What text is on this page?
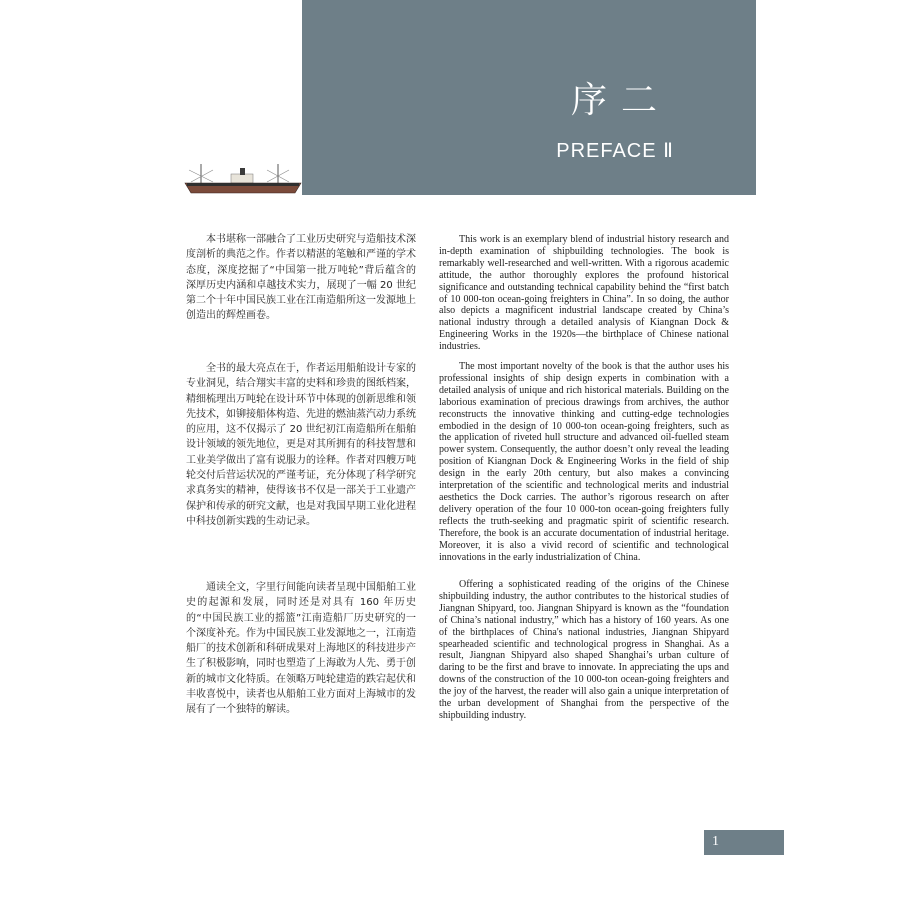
序二
PREFACE Ⅱ

本书堪称一部融合了工业历史研究与造船技术深度剖析的典范之作。作者以精湛的笔触和严谨的学术态度，深度挖掘了“中国第一批万吨轮”背后蕴含的深厚历史内涵和卓越技术实力，展现了一幅 20 世纪第二个十年中国民族工业在江南造船所这一发源地上创造出的辉煌画卷。

全书的最大亮点在于，作者运用船舶设计专家的专业洞见，结合翔实丰富的史料和珍贵的图纸档案，精细梳理出万吨轮在设计环节中体现的创新思维和领先技术，如铆接船体构造、先进的燃油蒸汽动力系统的应用，这不仅揭示了 20 世纪初江南造船所在船舶设计领域的领先地位，更是对其所拥有的科技智慧和工业美学做出了富有说服力的诠释。作者对四艘万吨轮交付后营运状况的严谨考证，充分体现了科学研究求真务实的精神，使得该书不仅是一部关于工业遗产保护和传承的研究文献，也是对我国早期工业化进程中科技创新实践的生动记录。

通读全文，字里行间能向读者呈现中国船舶工业史的起源和发展，同时还是对具有 160 年历史的“中国民族工业的摇篮”江南造船厂历史研究的一个深度补充。作为中国民族工业发源地之一，江南造船厂的技术创新和科研成果对上海地区的科技进步产生了积极影响，同时也塑造了上海敢为人先、勇于创新的城市文化特质。在领略万吨轮建造的跌宕起伏和丰收喜悦中，读者也从船舶工业方面对上海城市的发展有了一个独特的解读。

This work is an exemplary blend of industrial history research and in-depth examination of shipbuilding technologies. The book is remarkably well-researched and well-written. With a rigorous academic attitude, the author thoroughly explores the profound historical significance and outstanding technical capability behind the “first batch of 10 000-ton ocean-going freighters in China”. In so doing, the author also depicts a magnificent industrial landscape created by China’s national industry through a detailed analysis of Kiangnan Dock & Engineering Works in the 1920s—the birthplace of Chinese national industries.

The most important novelty of the book is that the author uses his professional insights of ship design experts in combination with a detailed analysis of unique and rich historical materials. Building on the laborious examination of precious drawings from archives, the author reconstructs the innovative thinking and cutting-edge technologies embodied in the design of 10 000-ton ocean-going freighters, such as the application of riveted hull structure and advanced oil-fuelled steam power system. Consequently, the author doesn’t only reveal the leading position of Kiangnan Dock & Engineering Works in the field of ship design in the early 20th century, but also makes a convincing interpretation of the scientific and technological merits and industrial aesthetics the Dock carries. The author’s rigorous research on after delivery operation of the four 10 000-ton ocean-going freighters fully reflects the truth-seeking and pragmatic spirit of scientific research. Therefore, the book is an accurate documentation of industrial heritage. Moreover, it is also a vivid record of scientific and technological innovations in the early industrialization of China.

Offering a sophisticated reading of the origins of the Chinese shipbuilding industry, the author contributes to the historical studies of Jiangnan Shipyard, too. Jiangnan Shipyard is known as the “foundation of China’s national industry,” which has a history of 160 years. As one of the birthplaces of China's national industries, Jiangnan Shipyard spearheaded scientific and technological progress in Shanghai. As a result, Jiangnan Shipyard also shaped Shanghai’s urban culture of daring to be the first and brave to innovate. In appreciating the ups and downs of the construction of the 10 000-ton ocean-going freighters and the joy of the harvest, the reader will also gain a unique interpretation of the urban development of Shanghai from the perspective of the shipbuilding industry.

1
